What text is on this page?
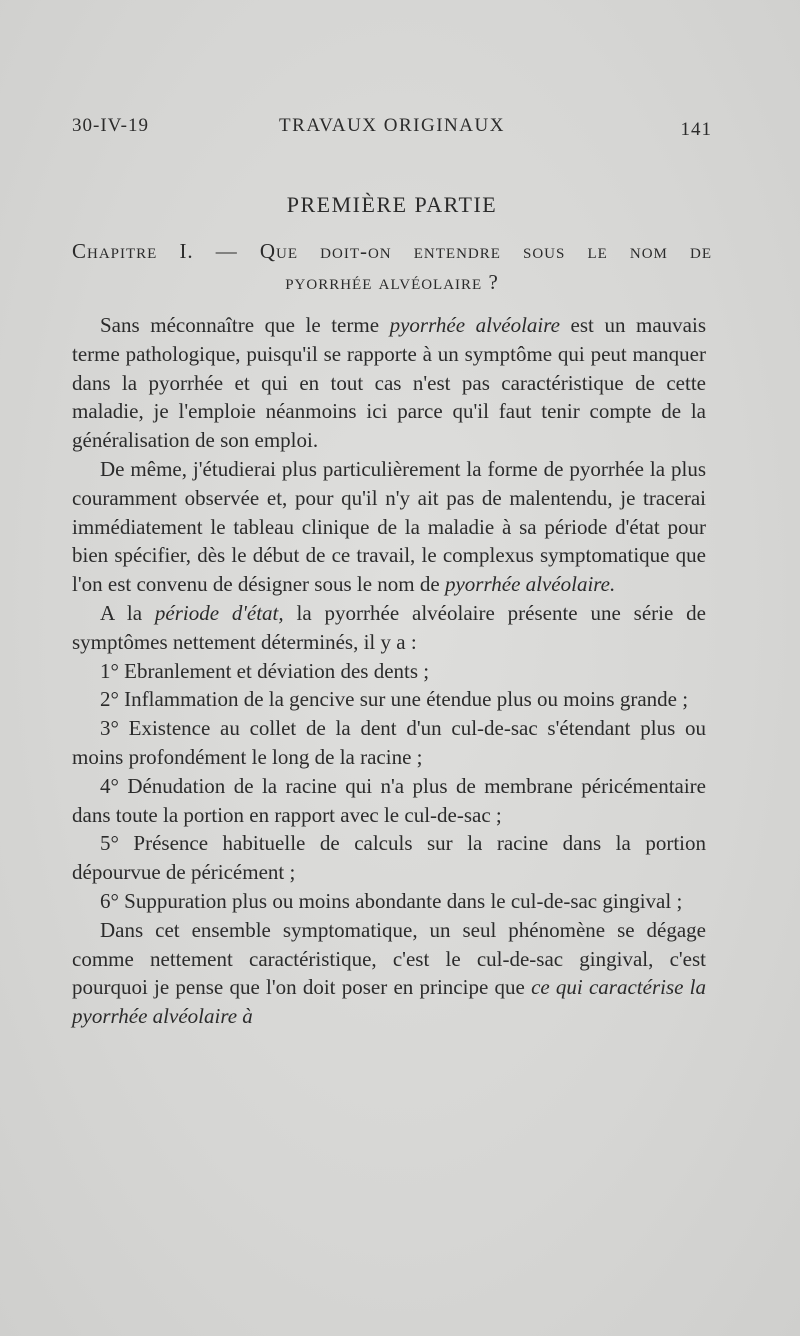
30-IV-19	TRAVAUX ORIGINAUX	141
PREMIÈRE PARTIE
Chapitre I. — Que doit-on entendre sous le nom de
pyorrhée alvéolaire ?

Sans méconnaître que le terme pyorrhée alvéolaire est un mauvais terme pathologique, puisqu'il se rapporte à un symptôme qui peut manquer dans la pyorrhée et qui en tout cas n'est pas caractéristique de cette maladie, je l'emploie néanmoins ici parce qu'il faut tenir compte de la généralisation de son emploi.

De même, j'étudierai plus particulièrement la forme de pyorrhée la plus couramment observée et, pour qu'il n'y ait pas de malentendu, je tracerai immédiatement le tableau clinique de la maladie à sa période d'état pour bien spécifier, dès le début de ce travail, le complexus symptomatique que l'on est convenu de désigner sous le nom de pyorrhée alvéolaire.

A la période d'état, la pyorrhée alvéolaire présente une série de symptômes nettement déterminés, il y a :

1° Ebranlement et déviation des dents ;

2° Inflammation de la gencive sur une étendue plus ou moins grande ;

3° Existence au collet de la dent d'un cul-de-sac s'étendant plus ou moins profondément le long de la racine ;

4° Dénudation de la racine qui n'a plus de membrane péricémentaire dans toute la portion en rapport avec le cul-de-sac ;

5° Présence habituelle de calculs sur la racine dans la portion dépourvue de péricément ;

6° Suppuration plus ou moins abondante dans le cul-de-sac gingival ;

Dans cet ensemble symptomatique, un seul phénomène se dégage comme nettement caractéristique, c'est le cul-de-sac gingival, c'est pourquoi je pense que l'on doit poser en principe que ce qui caractérise la pyorrhée alvéolaire à
